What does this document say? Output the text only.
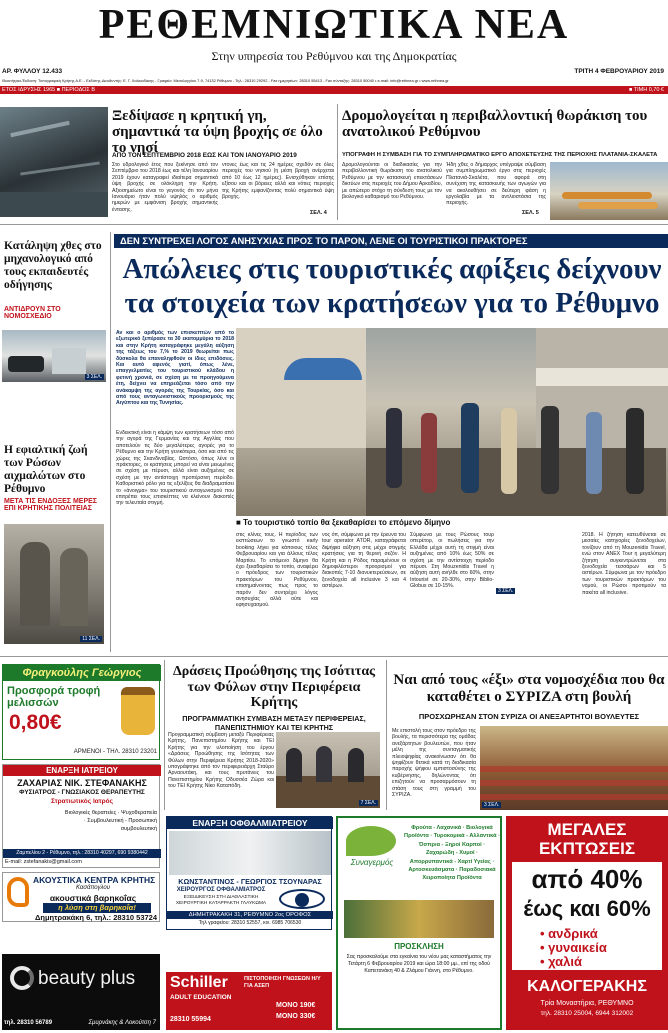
ΡΕΘΕΜΝΙΩΤΙΚΑ ΝΕΑ
Στην υπηρεσία του Ρεθύμνου και της Δημοκρατίας
ΑΡ. ΦΥΛΛΟΥ 12.433	ΤΡΙΤΗ 4 ΦΕΒΡΟΥΑΡΙΟΥ 2019
Ιδιοκτήτρια-Έκδοση: Τυπογραφική Κρήτης Α.Ε. - Εκδότης-Διευθυντής: Ε. Γ. Χαλκιαδάκης - Γραφείο: Μεσολογγίου 7-9, 74132 Ρέθυμνο - Τηλ.: 28310 29292 - Fax ημερησίων: 28310 55413 - Fax σύνταξης: 28310 50040 • e-mail: info@rethnea.gr • www.rethnea.gr
ΕΤΟΣ ΙΔΡΥΣΗΣ 1965 ■ ΠΕΡΙΟΔΟΣ Β	■ ΤΙΜΗ 0,70 €
Ξεδίψασε η κρητική γη, σημαντικά τα ύψη βροχής σε όλο το νησί
ΑΠΟ ΤΟΝ ΣΕΠΤΕΜΒΡΙΟ 2018 ΕΩΣ ΚΑΙ ΤΟΝ ΙΑΝΟΥΑΡΙΟ 2019
Στο υδρολογικό έτος που ξεκίνησε από τον Σεπτέμβριο του 2018 έως και τέλη Ιανουαρίου 2019 έχουν καταγραφεί ιδιαίτερα σημαντικά ύψη βροχής σε ολόκληρη την Κρήτη. Αξιοσημείωτο είναι το γεγονός ότι τον μήνα Ιανουάριο ήταν πολύ υψηλός ο αριθμός ημερών με εμφάνιση βροχής σημαντικής έντασης.
ντονες έως και τις 24 ημέρες σχεδόν σε όλες περιοχές του νησιού (η μέση βροχή ανέρχεται από 10 έως 12 ημέρες). Ενισχύθηκαν επίσης εξίσου και οι βόρειες αλλά και νότιες περιοχές της Κρήτης εμφανίζοντας πολύ σημαντικά ύψη βροχής.
ΣΕΛ. 4
Δρομολογείται η περιβαλλοντική θωράκιση του ανατολικού Ρεθύμνου
ΥΠΟΓΡΑΦΗ Η ΣΥΜΒΑΣΗ ΓΙΑ ΤΟ ΣΥΜΠΛΗΡΩΜΑΤΙΚΟ ΕΡΓΟ ΑΠΟΧΕΤΕΥΣΗΣ ΤΗΣ ΠΕΡΙΟΧΗΣ ΠΛΑΤΑΝΙΑ-ΣΚΑΛΕΤΑ
Δρομολογούνται οι διαδικασίες για την περιβαλλοντική θωράκιση του ανατολικού Ρεθύμνου με την κατασκευή επεκτάσεων δικτύων στις περιοχές του Δήμου Αρκαδίου, με απώτερο στόχο τη σύνδεση τους με τον βιολογικό καθαρισμό του Ρεθύμνου.
Ήδη χθες ο δήμαρχος υπέγραψε σύμβαση για συμπληρωματικό έργο στις περιοχές Πλατανιά-Σκαλέτα, που αφορά στη συνέχιση της κατασκευής των αγωγών για να ακολουθήσει σε δεύτερη φάση η εργολαβία με τα αντλιοστάσια της περιοχής.
ΣΕΛ. 5
Κατάληψη χθες στο μηχανολογικό από τους εκπαιδευτές οδήγησης
ΑΝΤΙΔΡΟΥΝ ΣΤΟ ΝΟΜΟΣΧΕΔΙΟ
3 ΣΕΛ.
Η εφιαλτική ζωή των Ρώσων αιχμαλώτων στο Ρέθυμνο
ΜΕΤΑ ΤΙΣ ΕΝΔΟΞΕΣ ΜΕΡΕΣ ΕΠΙ ΚΡΗΤΙΚΗΣ ΠΟΛΙΤΕΙΑΣ
11 ΣΕΛ.
ΔΕΝ ΣΥΝΤΡΕΧΕΙ ΛΟΓΟΣ ΑΝΗΣΥΧΙΑΣ ΠΡΟΣ ΤΟ ΠΑΡΟΝ, ΛΕΝΕ ΟΙ ΤΟΥΡΙΣΤΙΚΟΙ ΠΡΑΚΤΟΡΕΣ
Απώλειες στις τουριστικές αφίξεις δείχνουν τα στοιχεία των κρατήσεων για το Ρέθυμνο
Αν και ο αριθμός των επισκεπτών από το εξωτερικό ξεπέρασε τα 30 εκατομμύρια το 2018 και στην Κρήτη καταγράφηκε μεγάλη αύξηση της τάξεως του 7,% το 2019 θεωρείται πως δύσκολα θα επαναληφθούν οι ίδιες επιδόσεις. Και αυτό αφενός γιατί, όπως λένε, επαγγελματίες του τουριστικού κλάδου η φετινή χρονιά, σε σχέση με τα προηγούμενα έτη, δείχνει να επηρεάζεται τόσο από την ανάκαμψη της αγοράς της Τουρκίας, όσο και από τους ανταγωνιστικούς προορισμούς της Αιγύπτου και της Τυνησίας.
Ενδεικτική είναι η κάμψη των κρατήσεων τόσο από την αγορά της Γερμανίας και της Αγγλίας που αποτελούν τις δύο μεγαλύτερες αγορές για το Ρέθυμνο και την Κρήτη γενικότερα, όσο και από τις χώρες της Σκανδιναβίας. Ωστόσο, όπως λένε οι πράκτορες, οι κρατήσεις μπορεί να είναι μειωμένες σε σχέση με πέρυσι, αλλά είναι αυξημένες σε σχέση με την αντίστοιχη προπέρσινη περίοδο. Καθοριστικό ρόλο για τις εξελίξεις θα διαδραματίσει το «άνοιγμα» του τουριστικού ανταγωνισμού που επιτρέπει τους επισκέπτες να κλείνουν διακοπές την τελευταία στιγμή.
■ Το τουριστικό τοπίο θα ξεκαθαρίσει το επόμενο δίμηνο
στις κλίνες τους. Η περίοδος των εκπτώσεων το γνωστό early booking λήγει για κάποιους τέλος Φεβρουαρίου και για άλλους τέλος Μαρτίου. Το επόμενο δίμηνο θα έχει ξεκαθαρίσει το τοπίο, αναφέρει ο πρόεδρος των τουριστικών πρακτόρων του Ρεθύμνου, επισημαίνοντας πως προς το παρόν δεν συντρέχει λόγος ανησυχίας αλλά ούτε και εφησυχασμού.
νος όπ, σύμφωνα με την έρευνα του tour operator ATOR, καταγράφεται διψήφια αύξηση στις μέχρι στιγμής κρατήσεις για τη θερινή σεζόν. Η Κρήτη και η Ρόδος παραμένουν οι δημοφιλέστεροι προορισμοί για διακοπές 7-10 διανυκτερεύσεων, σε ξενοδοχεία all inclusive 3 και 4 αστέρων.
Σύμφωνα με τους Ρώσους τουρ οπερέτορ, οι πωλήσεις για την Ελλάδα μέχρι αυτή τη στιγμή είναι αυξημένες από 10% έως 50% σε σχέση με την αντίστοιχη περίοδο πέρυσι. Στη Mouzenidis Travel η αύξηση αυτή ανήλθε στο 60%, στην Intourist σε 20-30%, στην Biblio-Globus σε 10-15%.
3 ΣΕΛ.
2018. Η ζήτηση κατευθύνεται σε μεσαίες κατηγορίες ξενοδοχείων, τονίζουν από τη Mouzenidis Travel, ενώ στον ANEX Tour η μεγαλύτερη ζήτηση συγκεντρώνεται στα ξενοδοχεία τεσσάρων και 5 αστέρων. Σύμφωνα με τον πρόεδρο των τουριστικών πρακτόρων του νομού, οι Ρώσοι προτιμούν τα πακέτα all inclusive.
Φραγκούλης Γεώργιος
Προσφορά τροφή μελισσών
0,80€
ΑΡΜΕΝΟΙ - ΤΗΛ. 28310 23201
ΕΝΑΡΞΗ ΙΑΤΡΕΙΟΥ
ΖΑΧΑΡΙΑΣ ΝΙΚ. ΣΤΕΦΑΝΑΚΗΣ
ΦΥΣΙΑΤΡΟΣ - ΓΝΩΣΙΑΚΟΣ ΘΕΡΑΠΕΥΤΗΣ
Στρατιωτικός Ιατρός
Βιολογικές θεραπείες · Ψυχοθεραπεία · Συμβουλευτική - Προσωπική συμβουλευτική
Ζαμπελίου 2 - Ρέθυμνο, τηλ.: 28310 40297, 690 9380442
E-mail: zstefanakis@gmail.com
ΑΚΟΥΣΤΙΚΑ ΚΕΝΤΡΑ ΚΡΗΤΗΣ
Κασάπογλου
ακουστικά βαρηκοΐας
η λύση στη βαρηκοΐα!
Δημητρακάκη 6, τηλ.: 28310 53724
beauty plus
τηλ. 28310 56789	Σμυρνάκης & Λοκούτση 7
Δράσεις Προώθησης της Ισότιτας των Φύλων στην Περιφέρεια Κρήτης
ΠΡΟΓΡΑΜΜΑΤΙΚΗ ΣΥΜΒΑΣΗ ΜΕΤΑΞΥ ΠΕΡΙΦΕΡΕΙΑΣ, ΠΑΝΕΠΙΣΤΗΜΙΟΥ ΚΑΙ ΤΕΙ ΚΡΗΤΗΣ
Προγραμματική σύμβαση μεταξύ Περιφέρειας Κρήτης, Πανεπιστημίου Κρήτης και ΤΕΙ Κρήτης για την υλοποίηση του έργου «Δράσεις Προώθησης της Ισότητας των Φύλων στην Περιφέρεια Κρήτης 2018-2020» υπογράφτηκε από τον περιφερειάρχη Σταύρο Αρναουτάκη, και τους πρυτάνεις του Πανεπιστημίου Κρήτης Οδυσσέα Ζώρα και του ΤΕΙ Κρήτης Νίκο Καταπόδη.
7 ΣΕΛ.
Ναι από τους «έξι» στα νομοσχέδια που θα καταθέτει ο ΣΥΡΙΖΑ στη βουλή
ΠΡΟΣΧΩΡΗΣΑΝ ΣΤΟΝ ΣΥΡΙΖΑ ΟΙ ΑΝΕΞΑΡΤΗΤΟΙ ΒΟΥΛΕΥΤΕΣ
Με επιστολή τους στον πρόεδρο της βουλής, τα περισσότερα της ομάδας ανεξάρτητων βουλευτών, που ήταν μέλη της συνταγματικής πλειοψηφίας ανακοίνωσαν ότι θα ψηφίζουν θετικά κατά τη διαδικασία παροχής ψήφου εμπιστοσύνης της κυβέρνησης, δηλώνοντας ότι επιζητούν να προσαρμόσουν τη στάση τους στη γραμμή του ΣΥΡΙΖΑ.
3 ΣΕΛ.
ΕΝΑΡΞΗ ΟΦΘΑΛΜΙΑΤΡΕΙΟΥ
ΚΩΝΣΤΑΝΤΙΝΟΣ - ΓΕΩΡΓΙΟΣ ΤΣΟΥΝΑΡΑΣ
ΧΕΙΡΟΥΡΓΟΣ ΟΦΘΑΛΜΙΑΤΡΟΣ
ΕΞΕΙΔΙΚΕΥΣΗ ΣΤΗ ΔΙΑΘΛΑΣΤΙΚΗ ΧΕΙΡΟΥΡΓΙΚΗ ΚΑΤΑΡΡΑΚΤΗ ΓΛΑΥΚΩΜΑ
ΔΗΜΗΤΡΑΚΑΚΗ 31, ΡΕΘΥΜΝΟ 2ος ΟΡΟΦΟΣ
Τηλ γραφείου: 28310 52557, κιν. 6985 706530
Schiller
ADULT EDUCATION
ΠΙΣΤΟΠΟΙΗΣΗ ΓΝΩΣΕΩΝ Η/Υ ΓΙΑ ΑΣΕΠ
ΜΟΝΟ 190€
ΜΟΝΟ 330€
28310 55994
Συναγερμός
Φρούτα - Λαχανικά · Βιολογικά Προϊόντα · Τυροκομικά - Αλλαντικά · Όσπρια - Ξηροί Καρποί · Ζαχαρώδη - Χυμοί · Απορρυπαντικά - Χαρτί Υγείας · Αρτοσκευάσματα · Παραδοσιακά Χειροποίητα Προϊόντα
ΠΡΟΣΚΛΗΣΗ
Σας προσκαλούμε στα εγκαίνια του νέου μας καταστήματος την Τετάρτη 6 Φεβρουαρίου 2019 και ώρα 18:00 μμ., επί της οδού Καπετανάκη 40 & Ζλάμου Γιάννη, στο Ρέθυμνο.
ΜΕΓΑΛΕΣ ΕΚΠΤΩΣΕΙΣ
από 40%
έως και 60%
• ανδρικά
• γυναικεία
• χαλιά
ΚΑΛΟΓΕΡΑΚΗΣ
Τρία Μοναστήρια, ΡΕΘΥΜΝΟ
τηλ. 28310 25004, 6944 312002
